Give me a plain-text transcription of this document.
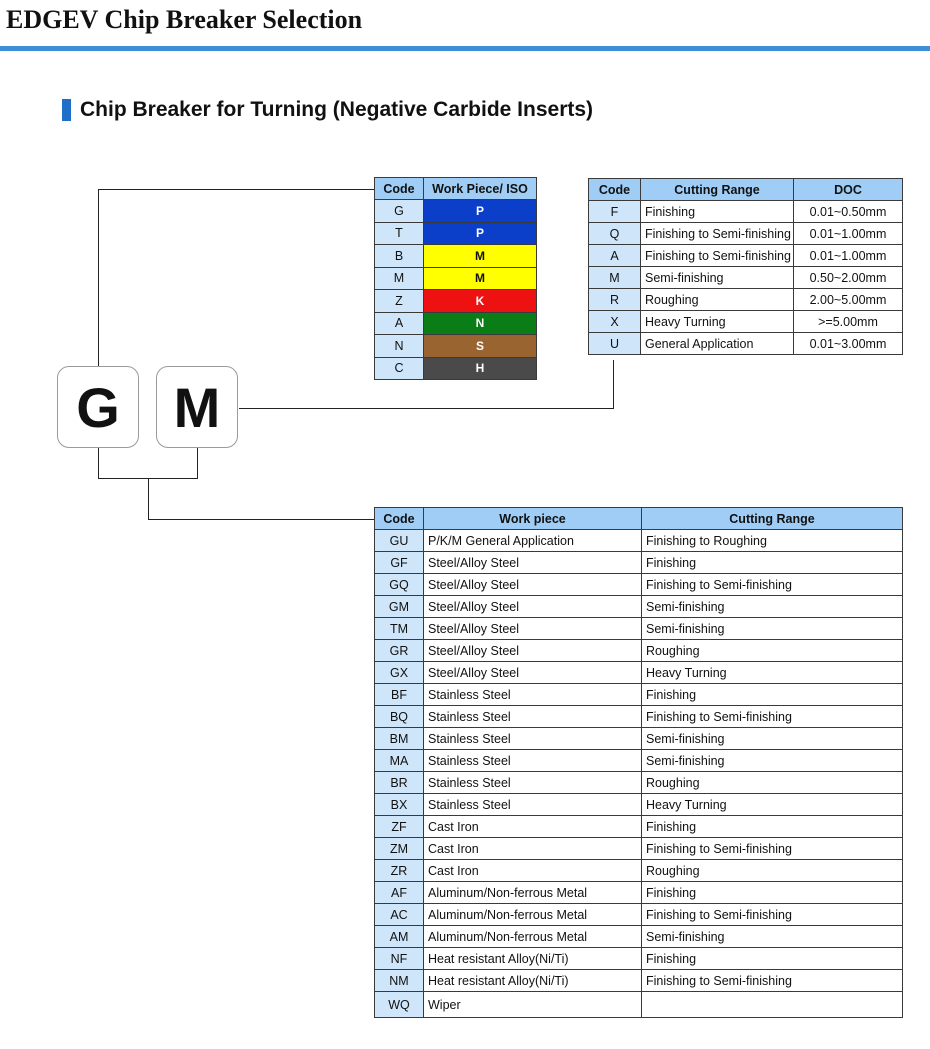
EDGEV Chip Breaker Selection
Chip Breaker for Turning (Negative Carbide Inserts)
G M
Code	Work Piece/ ISO
G	P
T	P
B	M
M	M
Z	K
A	N
N	S
C	H
Code	Cutting Range	DOC
F	Finishing	0.01~0.50mm
Q	Finishing to Semi-finishing	0.01~1.00mm
A	Finishing to Semi-finishing	0.01~1.00mm
M	Semi-finishing	0.50~2.00mm
R	Roughing	2.00~5.00mm
X	Heavy Turning	>=5.00mm
U	General Application	0.01~3.00mm
Code	Work piece	Cutting Range
GU	P/K/M General Application	Finishing to Roughing
GF	Steel/Alloy Steel	Finishing
GQ	Steel/Alloy Steel	Finishing to Semi-finishing
GM	Steel/Alloy Steel	Semi-finishing
TM	Steel/Alloy Steel	Semi-finishing
GR	Steel/Alloy Steel	Roughing
GX	Steel/Alloy Steel	Heavy Turning
BF	Stainless Steel	Finishing
BQ	Stainless Steel	Finishing to Semi-finishing
BM	Stainless Steel	Semi-finishing
MA	Stainless Steel	Semi-finishing
BR	Stainless Steel	Roughing
BX	Stainless Steel	Heavy Turning
ZF	Cast Iron	Finishing
ZM	Cast Iron	Finishing to Semi-finishing
ZR	Cast Iron	Roughing
AF	Aluminum/Non-ferrous Metal	Finishing
AC	Aluminum/Non-ferrous Metal	Finishing to Semi-finishing
AM	Aluminum/Non-ferrous Metal	Semi-finishing
NF	Heat resistant Alloy(Ni/Ti)	Finishing
NM	Heat resistant Alloy(Ni/Ti)	Finishing to Semi-finishing
WQ	Wiper	
